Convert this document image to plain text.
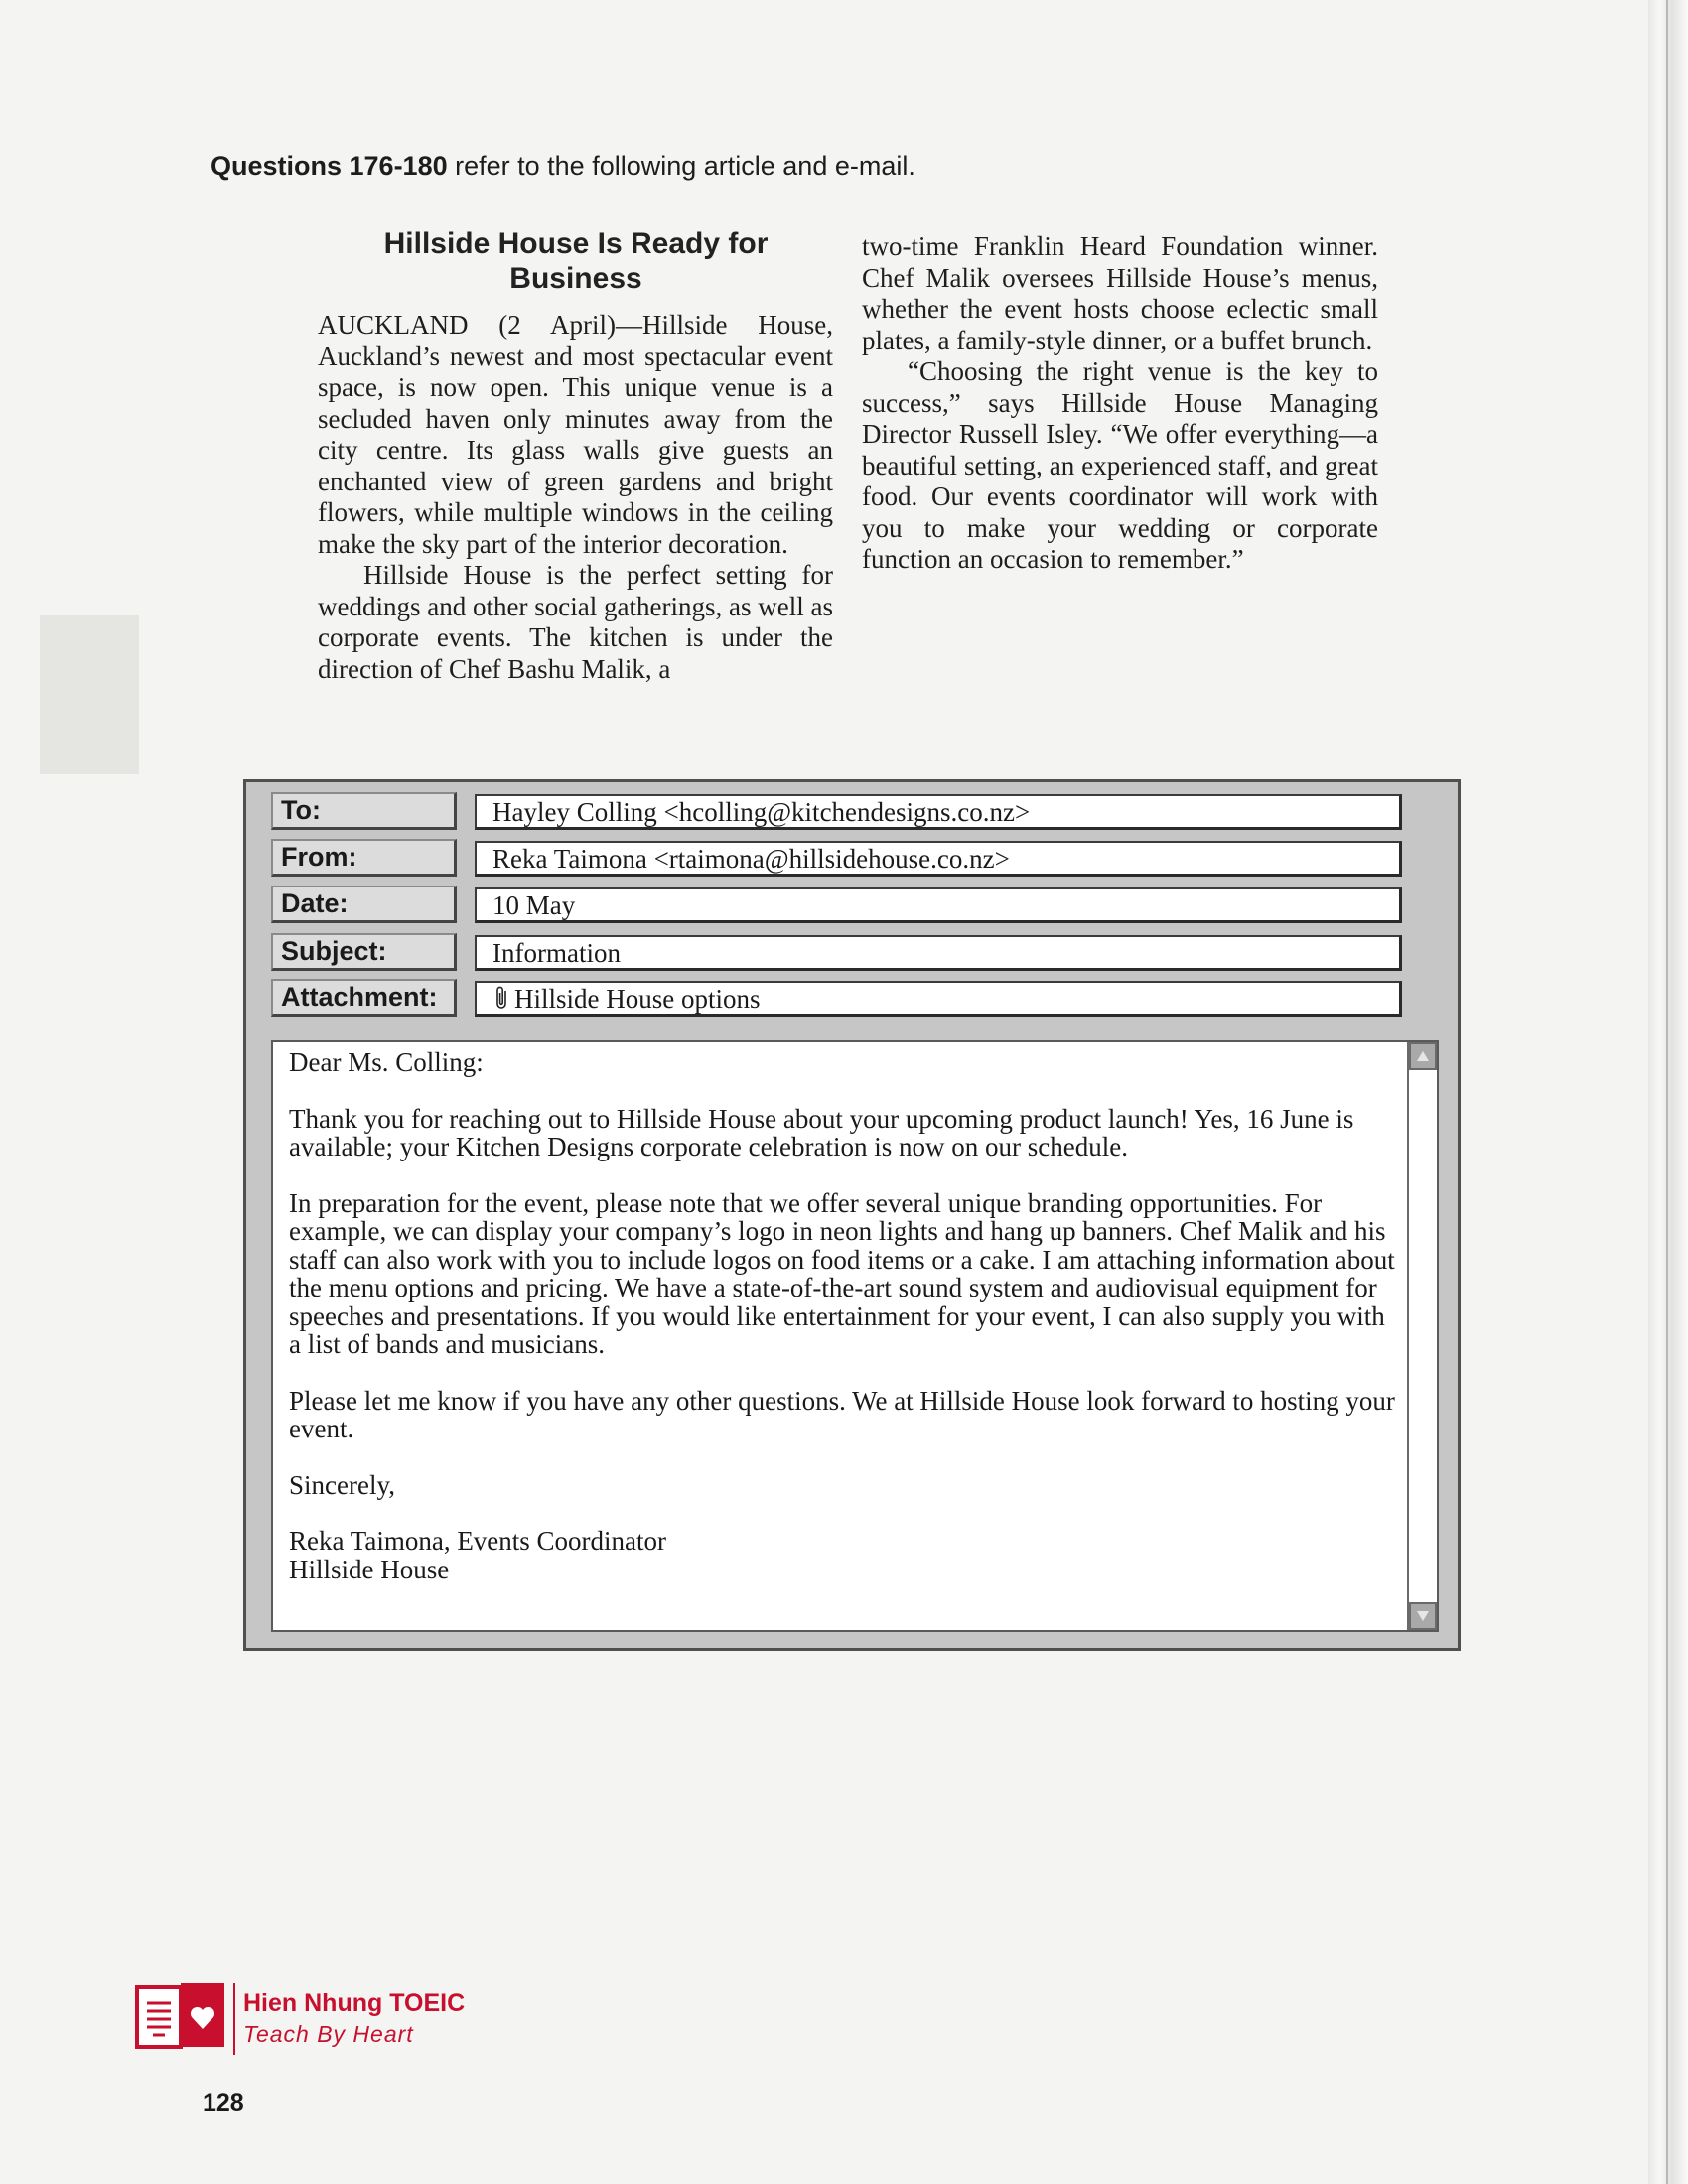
Questions 176-180 refer to the following article and e-mail.
Hillside House Is Ready for Business

AUCKLAND (2 April)—Hillside House, Auckland’s newest and most spectacular event space, is now open. This unique venue is a secluded haven only minutes away from the city centre. Its glass walls give guests an enchanted view of green gardens and bright flowers, while multiple windows in the ceiling make the sky part of the interior decoration.

Hillside House is the perfect setting for weddings and other social gatherings, as well as corporate events. The kitchen is under the direction of Chef Bashu Malik, a

two-time Franklin Heard Foundation winner. Chef Malik oversees Hillside House’s menus, whether the event hosts choose eclectic small plates, a family-style dinner, or a buffet brunch.

“Choosing the right venue is the key to success,” says Hillside House Managing Director Russell Isley. “We offer everything—a beautiful setting, an experienced staff, and great food. Our events coordinator will work with you to make your wedding or corporate function an occasion to remember.”

To:	Hayley Colling <hcolling@kitchendesigns.co.nz>
From:	Reka Taimona <rtaimona@hillsidehouse.co.nz>
Date:	10 May
Subject:	Information
Attachment:	Hillside House options

Dear Ms. Colling:

Thank you for reaching out to Hillside House about your upcoming product launch! Yes, 16 June is available; your Kitchen Designs corporate celebration is now on our schedule.

In preparation for the event, please note that we offer several unique branding opportunities. For example, we can display your company’s logo in neon lights and hang up banners. Chef Malik and his staff can also work with you to include logos on food items or a cake. I am attaching information about the menu options and pricing. We have a state-of-the-art sound system and audiovisual equipment for speeches and presentations. If you would like entertainment for your event, I can also supply you with a list of bands and musicians.

Please let me know if you have any other questions. We at Hillside House look forward to hosting your event.

Sincerely,

Reka Taimona, Events Coordinator

Hillside House

Hien Nhung TOEIC
Teach By Heart
128
